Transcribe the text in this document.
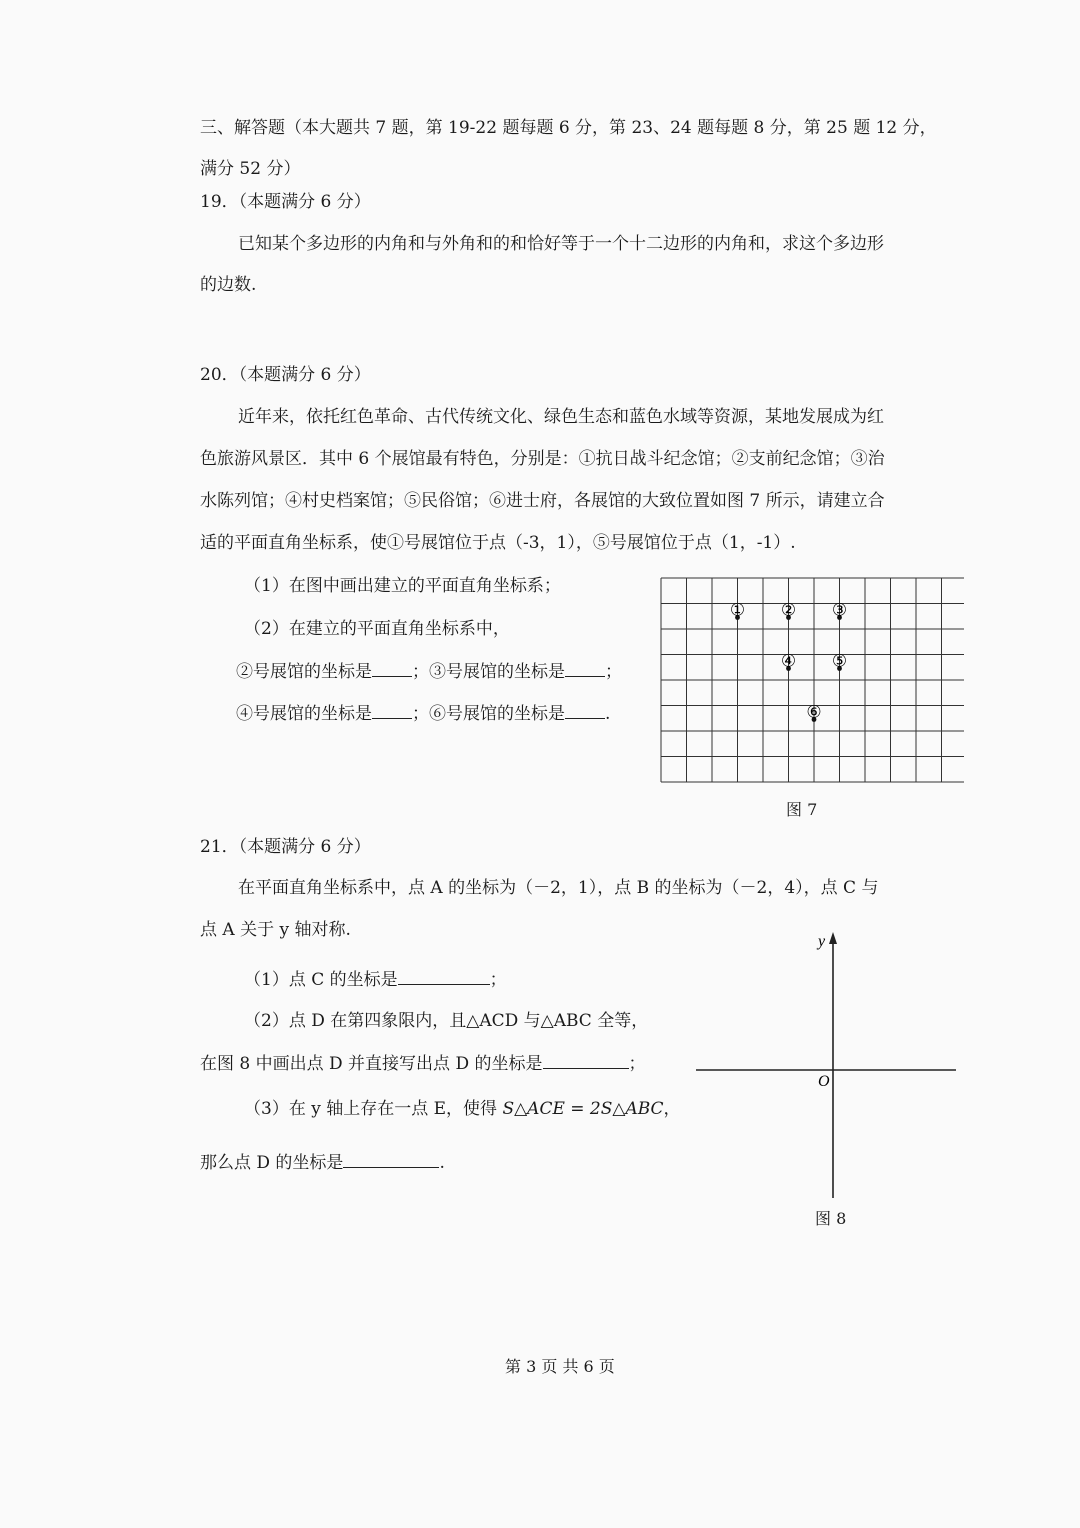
三、解答题（本大题共 7 题，第 19-22 题每题 6 分，第 23、24 题每题 8 分，第 25 题 12 分，
满分 52 分）
19．（本题满分 6 分）
已知某个多边形的内角和与外角和的和恰好等于一个十二边形的内角和，求这个多边形
的边数.
20．（本题满分 6 分）
近年来，依托红色革命、古代传统文化、绿色生态和蓝色水域等资源，某地发展成为红
色旅游风景区．其中 6 个展馆最有特色，分别是：①抗日战斗纪念馆；②支前纪念馆；③治
水陈列馆；④村史档案馆；⑤民俗馆；⑥进士府，各展馆的大致位置如图 7 所示，请建立合
适的平面直角坐标系，使①号展馆位于点（-3，1），⑤号展馆位于点（1，-1）.
（1）在图中画出建立的平面直角坐标系；
（2）在建立的平面直角坐标系中，
②号展馆的坐标是 ；③号展馆的坐标是 ；
④号展馆的坐标是 ；⑥号展馆的坐标是 .
① ② ③
④ ⑤
⑥
图 7
21．（本题满分 6 分）
在平面直角坐标系中，点 A 的坐标为（－2，1），点 B 的坐标为（－2，4），点 C 与
点 A 关于 y 轴对称.
（1）点 C 的坐标是	；
（2）点 D 在第四象限内，且△ACD 与△ABC 全等，
在图 8 中画出点 D 并直接写出点 D 的坐标是	；
（3）在 y 轴上存在一点 E，使得 S△ACE = 2S△ABC，
那么点 D 的坐标是	.
y
O
图 8
第 3 页 共 6 页
